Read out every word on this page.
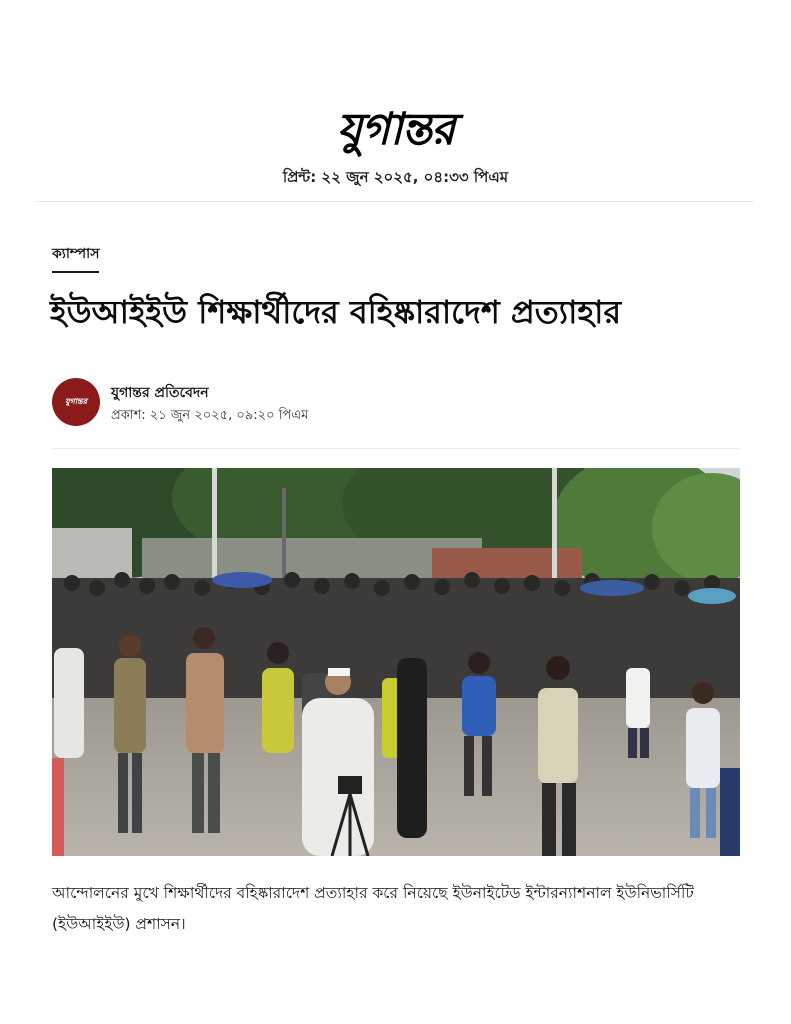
যুগান্তর
প্রিন্ট: ২২ জুন ২০২৫, ০৪:৩৩ পিএম
ক্যাম্পাস
ইউআইইউ শিক্ষার্থীদের বহিষ্কারাদেশ প্রত্যাহার
যুগান্তর যুগান্তর প্রতিবেদন
প্রকাশ: ২১ জুন ২০২৫, ০৯:২০ পিএম

আন্দোলনের মুখে শিক্ষার্থীদের বহিষ্কারাদেশ প্রত্যাহার করে নিয়েছে ইউনাইটেড ইন্টারন্যাশনাল ইউনিভার্সিটি (ইউআইইউ) প্রশাসন।
